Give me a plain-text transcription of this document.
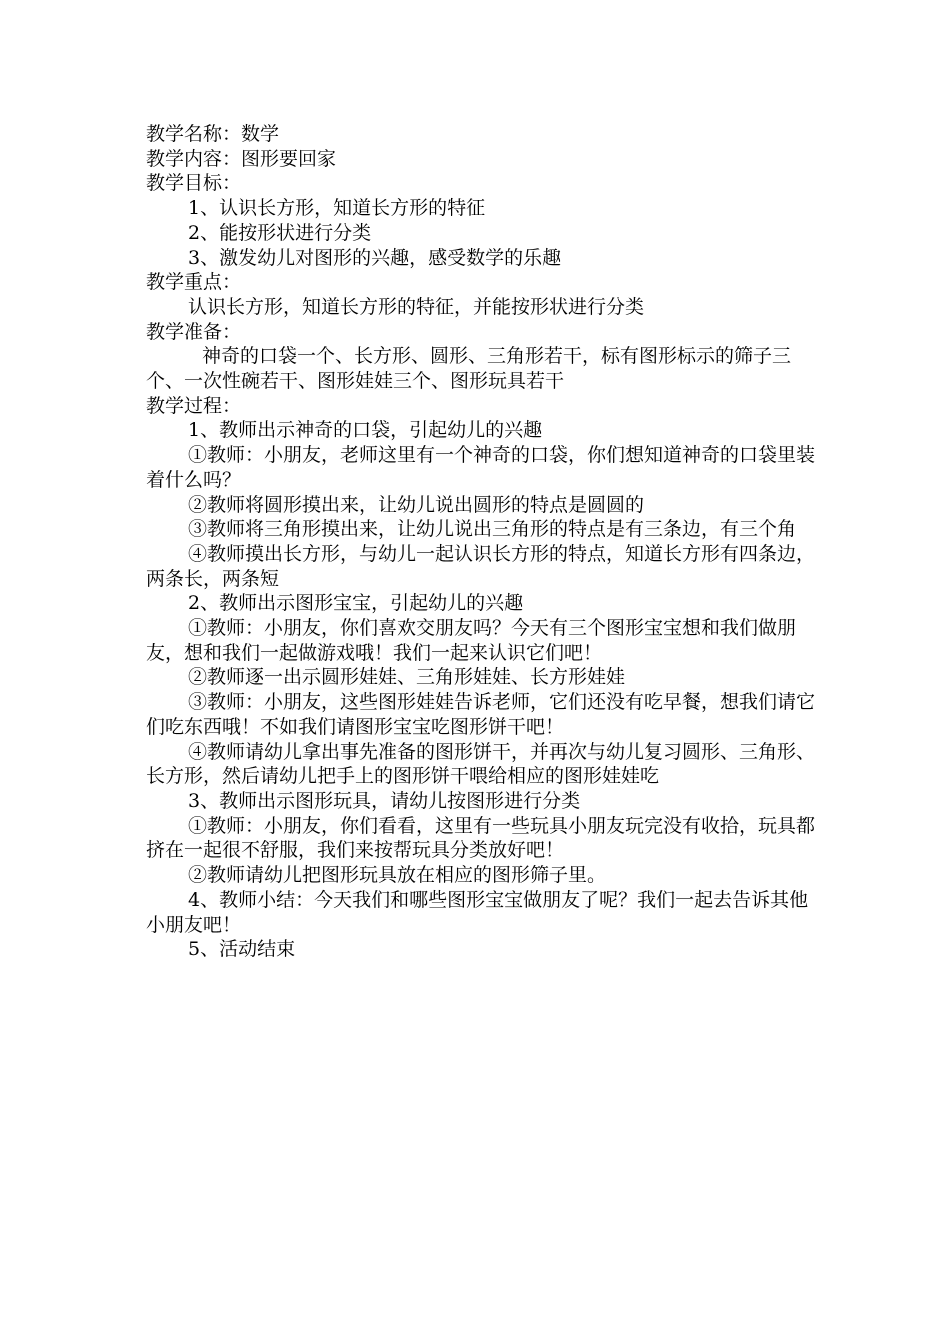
教学名称：数学

教学内容：图形要回家

教学目标：

1、认识长方形，知道长方形的特征

2、能按形状进行分类

3、激发幼儿对图形的兴趣，感受数学的乐趣

教学重点：

认识长方形，知道长方形的特征，并能按形状进行分类

教学准备：

神奇的口袋一个、长方形、圆形、三角形若干，标有图形标示的筛子三个、一次性碗若干、图形娃娃三个、图形玩具若干

教学过程：

1、教师出示神奇的口袋，引起幼儿的兴趣

①教师：小朋友，老师这里有一个神奇的口袋，你们想知道神奇的口袋里装着什么吗？

②教师将圆形摸出来，让幼儿说出圆形的特点是圆圆的

③教师将三角形摸出来，让幼儿说出三角形的特点是有三条边，有三个角

④教师摸出长方形，与幼儿一起认识长方形的特点，知道长方形有四条边，两条长，两条短

2、教师出示图形宝宝，引起幼儿的兴趣

①教师：小朋友，你们喜欢交朋友吗？今天有三个图形宝宝想和我们做朋友，想和我们一起做游戏哦！我们一起来认识它们吧！

②教师逐一出示圆形娃娃、三角形娃娃、长方形娃娃

③教师：小朋友，这些图形娃娃告诉老师，它们还没有吃早餐，想我们请它们吃东西哦！不如我们请图形宝宝吃图形饼干吧！

④教师请幼儿拿出事先准备的图形饼干，并再次与幼儿复习圆形、三角形、长方形，然后请幼儿把手上的图形饼干喂给相应的图形娃娃吃

3、教师出示图形玩具，请幼儿按图形进行分类

①教师：小朋友，你们看看，这里有一些玩具小朋友玩完没有收拾，玩具都挤在一起很不舒服，我们来按帮玩具分类放好吧！

②教师请幼儿把图形玩具放在相应的图形筛子里。

4、教师小结：今天我们和哪些图形宝宝做朋友了呢？我们一起去告诉其他小朋友吧！

5、活动结束
